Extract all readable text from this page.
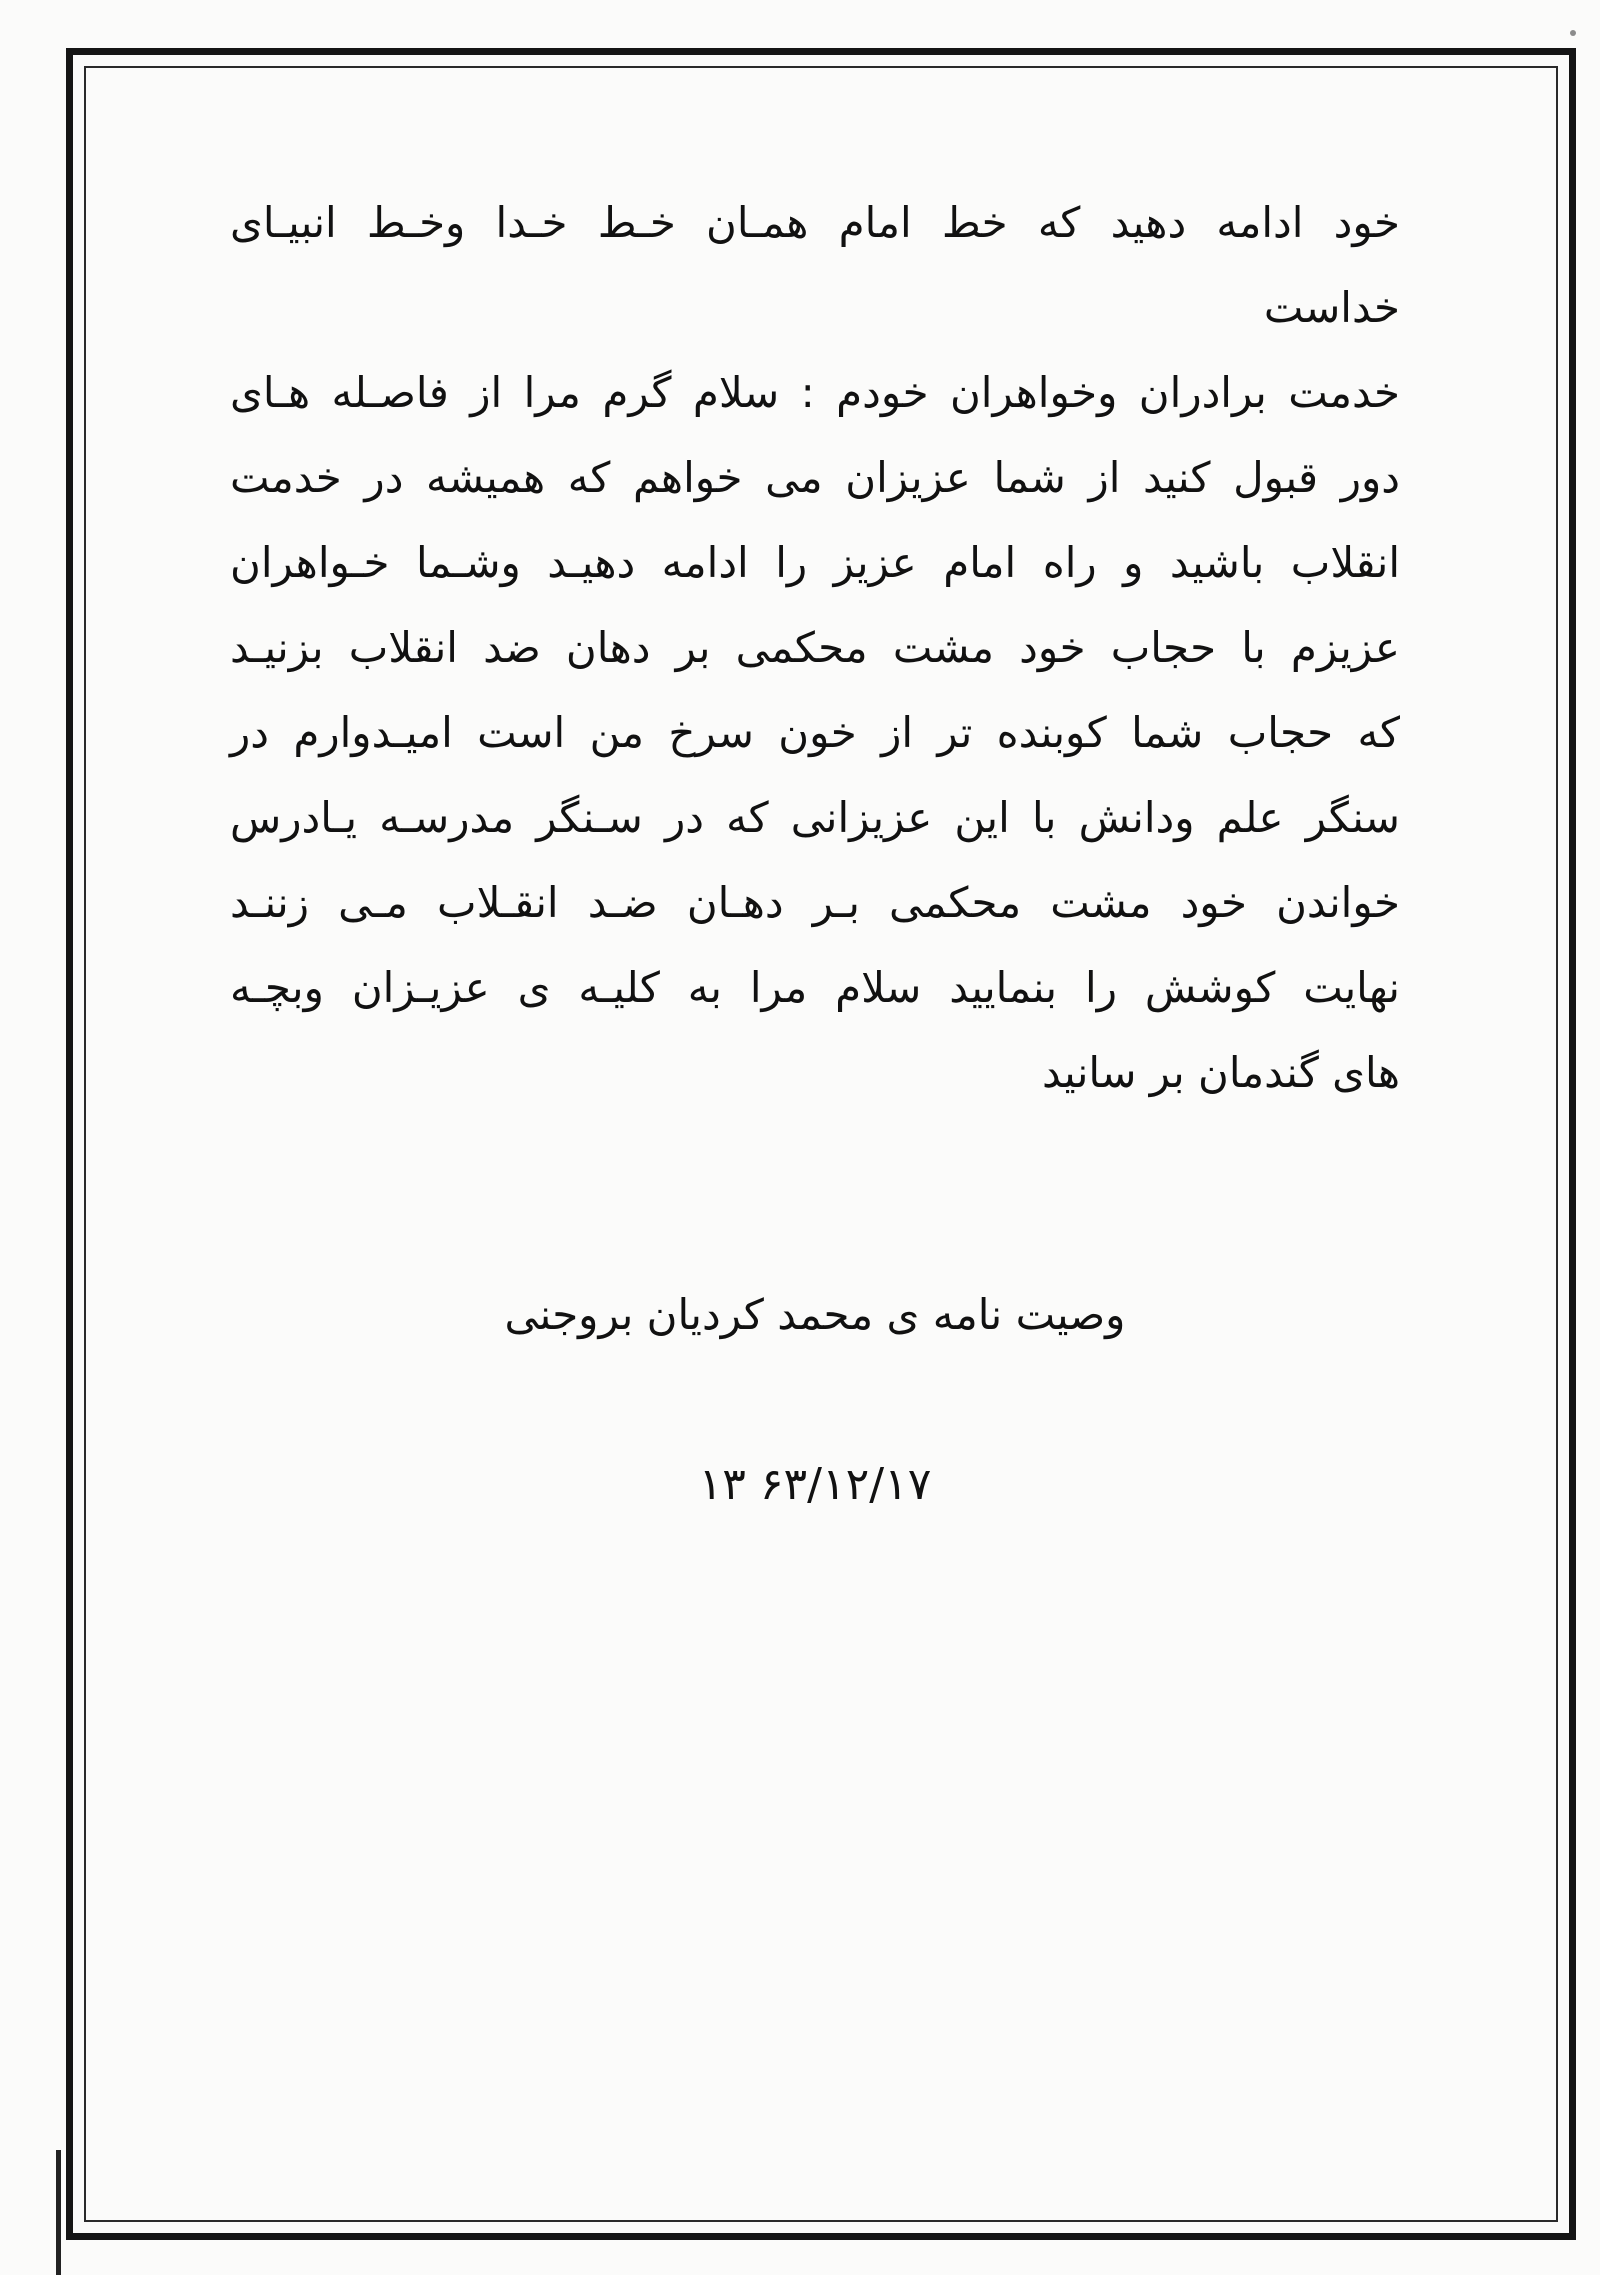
خود ادامه دهید که خط امام همـان خـط خـدا وخـط انبیـای
خداست
خدمت برادران وخواهران خودم : سلام گرم مرا از فاصـله هـای
دور قبول کنید از شما عزیزان می خواهم که همیشه در خدمت
انقلاب باشید و راه امام عزیز را ادامه دهیـد وشـما خـواهران
عزیزم با حجاب خود مشت محکمی بر دهان ضد انقلاب بزنیـد
که حجاب شما کوبنده تر از خون سرخ من است امیـدوارم در
سنگر علم ودانش با این عزیزانی که در سـنگر مدرسـه یـادرس
خواندن خود مشت محکمی بـر دهـان ضـد انقـلاب مـی زننـد
نهایت کوشش را بنمایید سلام مرا به کلیـه ی عزیـزان وبچـه
های گندمان بر سانید
وصیت نامه ی محمد کردیان بروجنی
۱۳ ۶۳/۱۲/۱۷
